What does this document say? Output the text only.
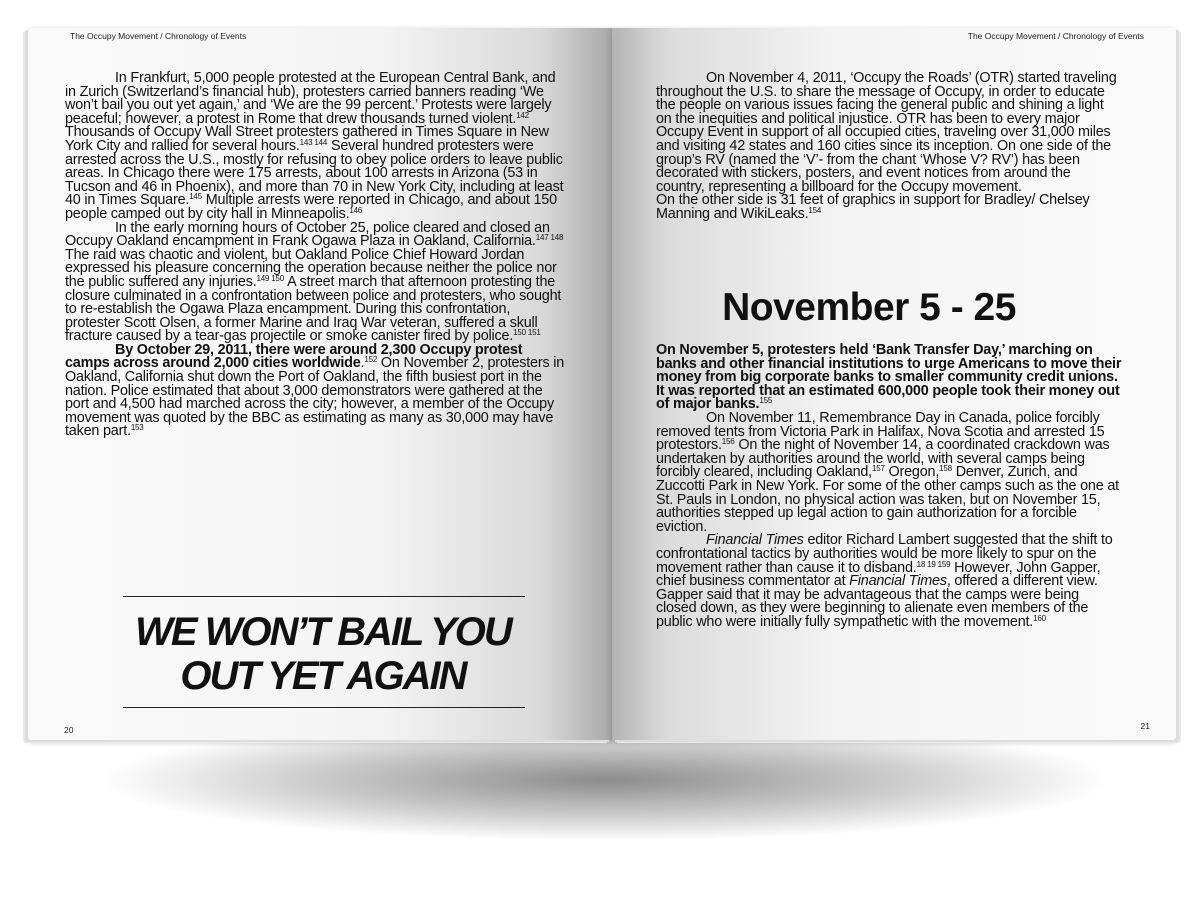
The Occupy Movement / Chronology of Events

In Frankfurt, 5,000 people protested at the European Central Bank, and in Zurich (Switzerland’s financial hub), protesters carried banners reading ‘We won’t bail you out yet again,’ and ‘We are the 99 percent.’ Protests were largely peaceful; however, a protest in Rome that drew thousands turned violent.$^{142}$ Thousands of Occupy Wall Street protesters gathered in Times Square in New York City and rallied for several hours.$^{143 144}$ Several hundred protesters were arrested across the U.S., mostly for refusing to obey police orders to leave public areas. In Chicago there were 175 arrests, about 100 arrests in Arizona (53 in Tucson and 46 in Phoenix), and more than 70 in New York City, including at least 40 in Times Square.$^{145}$ Multiple arrests were reported in Chicago, and about 150 people camped out by city hall in Minneapolis.$^{146}$

In the early morning hours of October 25, police cleared and closed an Occupy Oakland encampment in Frank Ogawa Plaza in Oakland, California.$^{147 148}$ The raid was chaotic and violent, but Oakland Police Chief Howard Jordan expressed his pleasure concerning the operation because neither the police nor the public suffered any injuries.$^{149 150}$ A street march that afternoon protesting the closure culminated in a confrontation between police and protesters, who sought to re-establish the Ogawa Plaza encampment. During this confrontation, protester Scott Olsen, a former Marine and Iraq War veteran, suffered a skull fracture caused by a tear-gas projectile or smoke canister fired by police.$^{150 151}$

By October 29, 2011, there were around 2,300 Occupy protest camps across around 2,000 cities worldwide.$^{152}$ On November 2, protesters in Oakland, California shut down the Port of Oakland, the fifth busiest port in the nation. Police estimated that about 3,000 demonstrators were gathered at the port and 4,500 had marched across the city; however, a member of the Occupy movement was quoted by the BBC as estimating as many as 30,000 may have taken part.$^{153}$

WE WON’T BAIL YOU OUT YET AGAIN
20
The Occupy Movement / Chronology of Events

On November 4, 2011, ‘Occupy the Roads’ (OTR) started traveling throughout the U.S. to share the message of Occupy, in order to educate the people on various issues facing the general public and shining a light on the inequities and political injustice. OTR has been to every major Occupy Event in support of all occupied cities, traveling over 31,000 miles and visiting 42 states and 160 cities since its inception. On one side of the group’s RV (named the ‘V’- from the chant ‘Whose V? RV’) has been decorated with stickers, posters, and event notices from around the country, representing a billboard for the Occupy movement.

On the other side is 31 feet of graphics in support for Bradley/ Chelsey Manning and WikiLeaks.$^{154}$

November 5 - 25

On November 5, protesters held ‘Bank Transfer Day,’ marching on banks and other financial institutions to urge Americans to move their money from big corporate banks to smaller community credit unions. It was reported that an estimated 600,000 people took their money out of major banks.$^{155}$

On November 11, Remembrance Day in Canada, police forcibly removed tents from Victoria Park in Halifax, Nova Scotia and arrested 15 protestors.$^{156}$ On the night of November 14, a coordinated crackdown was undertaken by authorities around the world, with several camps being forcibly cleared, including Oakland,$^{157}$ Oregon,$^{158}$ Denver, Zurich, and Zuccotti Park in New York. For some of the other camps such as the one at St. Pauls in London, no physical action was taken, but on November 15, authorities stepped up legal action to gain authorization for a forcible eviction.

Financial Times editor Richard Lambert suggested that the shift to confrontational tactics by authorities would be more likely to spur on the movement rather than cause it to disband.$^{18 19 159}$ However, John Gapper, chief business commentator at Financial Times, offered a different view. Gapper said that it may be advantageous that the camps were being closed down, as they were beginning to alienate even members of the public who were initially fully sympathetic with the movement.$^{160}$

21
